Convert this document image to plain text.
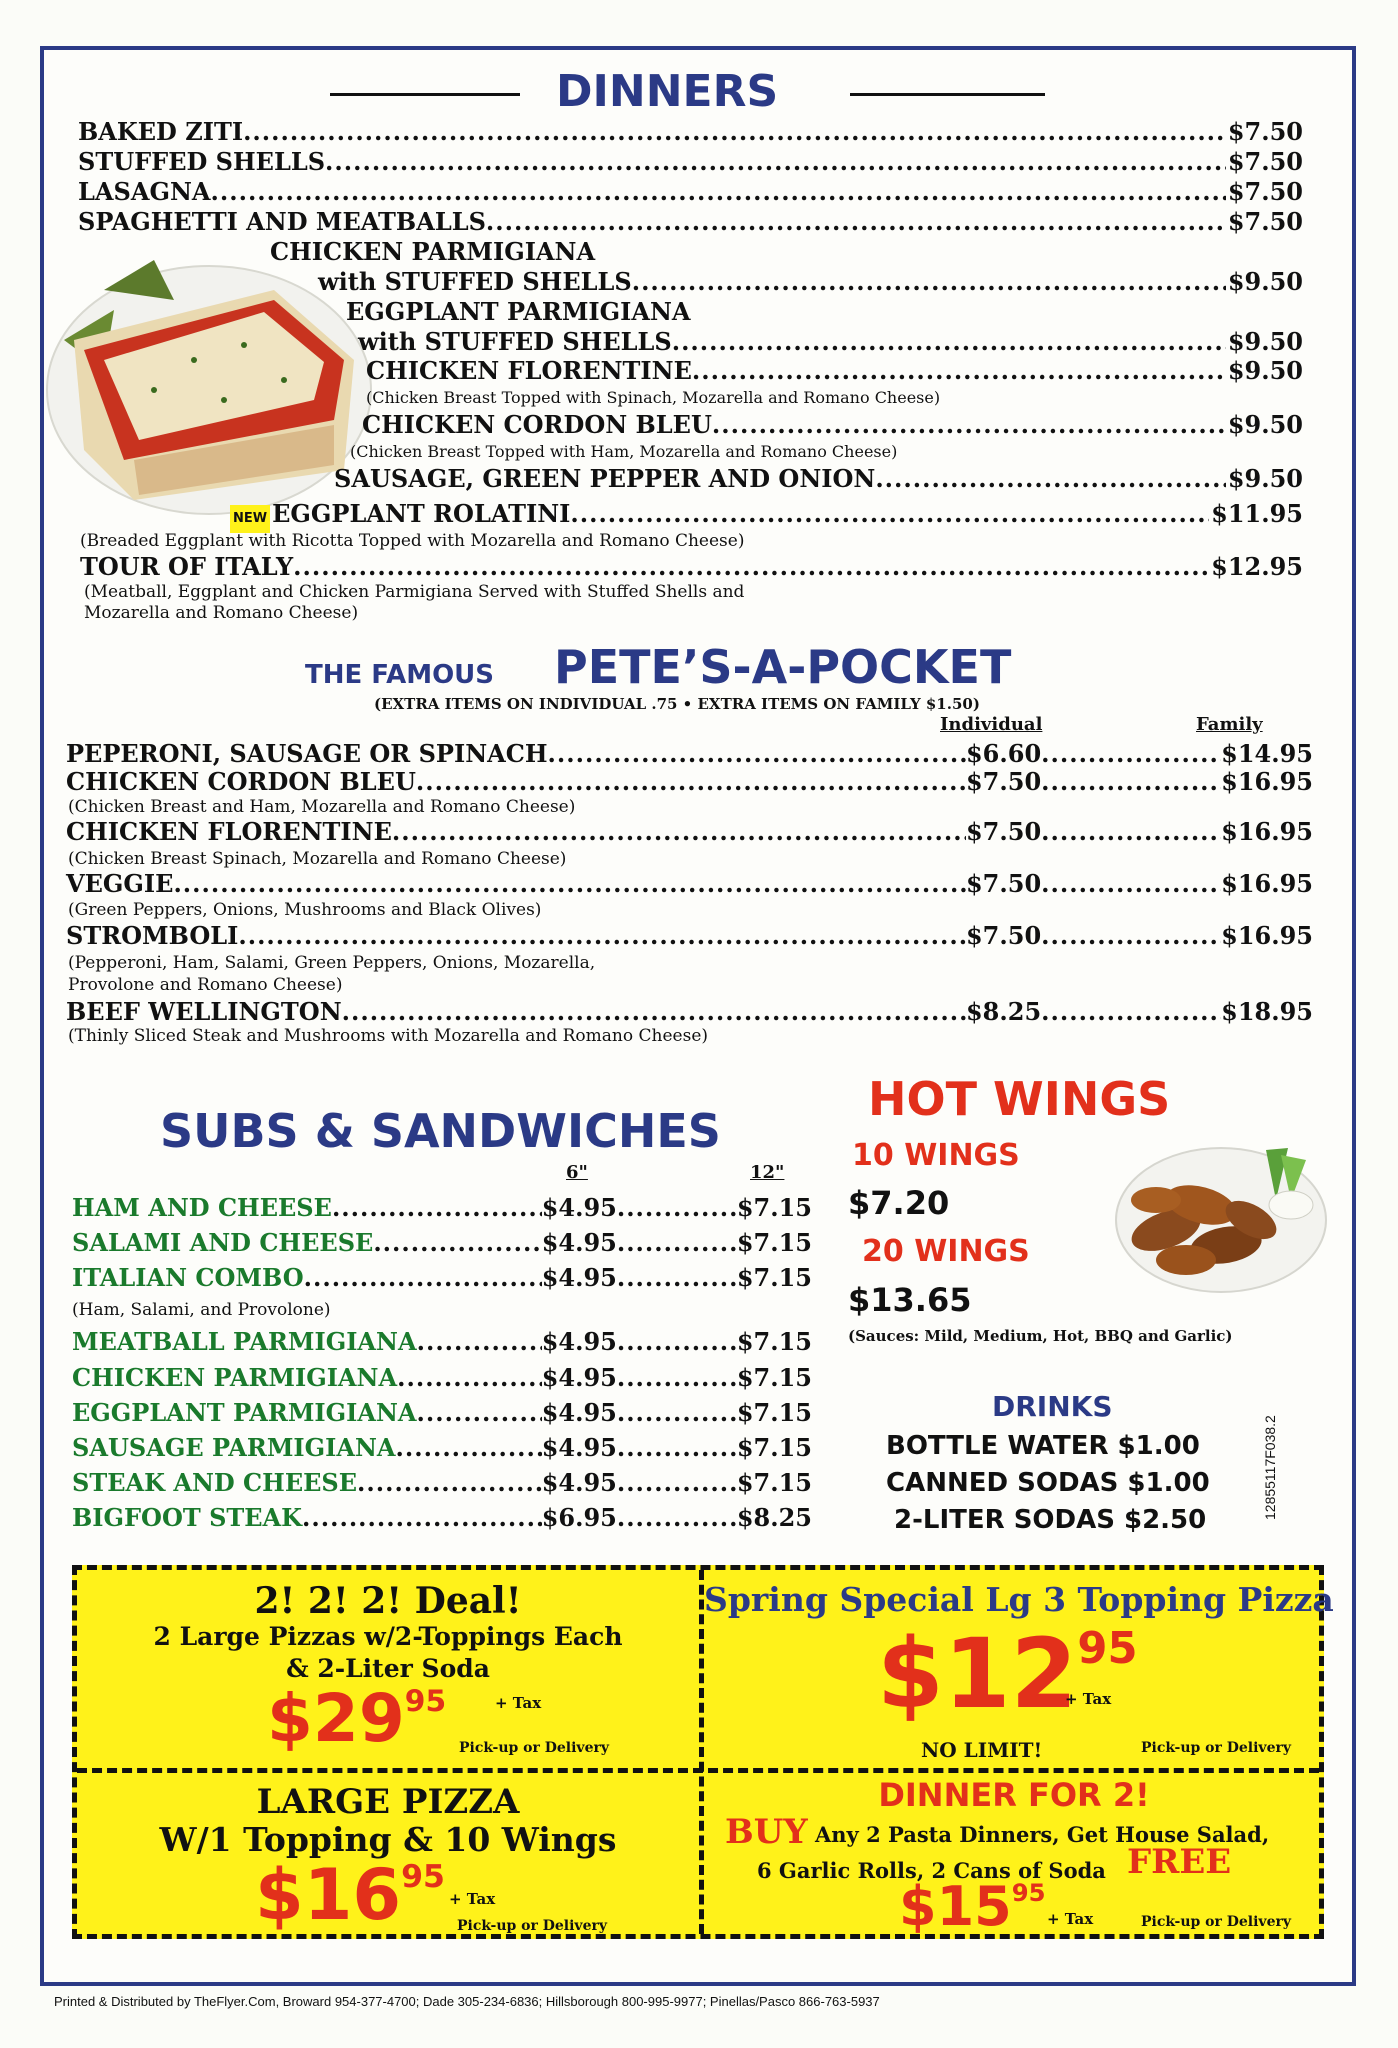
DINNERS
BAKED ZITI .....	$7.50
STUFFED SHELLS .....	$7.50
LASAGNA .....	$7.50
SPAGHETTI AND MEATBALLS .....	$7.50
CHICKEN PARMIGIANA
with STUFFED SHELLS .....	$9.50
EGGPLANT PARMIGIANA
with STUFFED SHELLS .....	$9.50
CHICKEN FLORENTINE .....	$9.50
(Chicken Breast Topped with Spinach, Mozarella and Romano Cheese)
CHICKEN CORDON BLEU .....	$9.50
(Chicken Breast Topped with Ham, Mozarella and Romano Cheese)
SAUSAGE, GREEN PEPPER AND ONION .....	$9.50
NEW EGGPLANT ROLATINI .....	$11.95
(Breaded Eggplant with Ricotta Topped with Mozarella and Romano Cheese)
TOUR OF ITALY .....	$12.95
(Meatball, Eggplant and Chicken Parmigiana Served with Stuffed Shells and
Mozarella and Romano Cheese)
THE FAMOUS PETE’S-A-POCKET
(EXTRA ITEMS ON INDIVIDUAL .75 • EXTRA ITEMS ON FAMILY $1.50)
Individual	Family
PEPERONI, SAUSAGE OR SPINACH .....	$6.60 .....	$14.95
CHICKEN CORDON BLEU .....	$7.50 .....	$16.95
(Chicken Breast and Ham, Mozarella and Romano Cheese)
CHICKEN FLORENTINE .....	$7.50 .....	$16.95
(Chicken Breast Spinach, Mozarella and Romano Cheese)
VEGGIE .....	$7.50 .....	$16.95
(Green Peppers, Onions, Mushrooms and Black Olives)
STROMBOLI .....	$7.50 .....	$16.95
(Pepperoni, Ham, Salami, Green Peppers, Onions, Mozarella,
Provolone and Romano Cheese)
BEEF WELLINGTON .....	$8.25 .....	$18.95
(Thinly Sliced Steak and Mushrooms with Mozarella and Romano Cheese)
SUBS & SANDWICHES
6"	12"
HAM AND CHEESE .....	$4.95 .....	$7.15
SALAMI AND CHEESE .....	$4.95 .....	$7.15
ITALIAN COMBO .....	$4.95 .....	$7.15
(Ham, Salami, and Provolone)
MEATBALL PARMIGIANA .....	$4.95 .....	$7.15
CHICKEN PARMIGIANA .....	$4.95 .....	$7.15
EGGPLANT PARMIGIANA .....	$4.95 .....	$7.15
SAUSAGE PARMIGIANA .....	$4.95 .....	$7.15
STEAK AND CHEESE .....	$4.95 .....	$7.15
BIGFOOT STEAK .....	$6.95 .....	$8.25
HOT WINGS
10 WINGS
$7.20
20 WINGS
$13.65
(Sauces: Mild, Medium, Hot, BBQ and Garlic)
DRINKS
BOTTLE WATER $1.00
CANNED SODAS $1.00
2-LITER SODAS $2.50	12855117F038.2
2! 2! 2! Deal!
2 Large Pizzas w/2-Toppings Each
& 2-Liter Soda
$\$29^{95}$	+ Tax
Pick-up or Delivery
Spring Special Lg 3 Topping Pizza
$\$12^{95}$
+ Tax
NO LIMIT!	Pick-up or Delivery
LARGE PIZZA
W/1 Topping & 10 Wings
$\$16^{95}$
+ Tax
Pick-up or Delivery
DINNER FOR 2!
BUY Any 2 Pasta Dinners, Get House Salad,
6 Garlic Rolls, 2 Cans of Soda FREE
$\$15^{95}$
+ Tax	Pick-up or Delivery
Printed & Distributed by TheFlyer.Com, Broward 954-377-4700; Dade 305-234-6836; Hillsborough 800-995-9977; Pinellas/Pasco 866-763-5937
